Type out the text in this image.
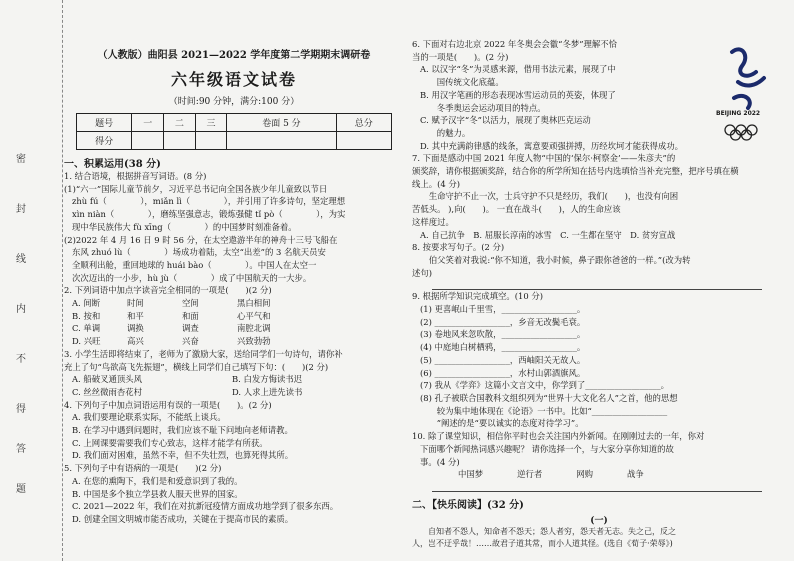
密
封
线
内
不
得
答
题
（人教版）曲阳县 2021—2022 学年度第二学期期末调研卷
六年级语文试卷
（时间:90 分钟，满分:100 分）
题号	一	二	三	卷面 5 分	总分
得分					
一、积累运用(38 分)
1. 结合语境，根据拼音写词语。(8 分)
(1)“六一”国际儿童节前夕，习近平总书记向全国各族少年儿童致以节日
zhù fú（　　　　），miǎn lì（　　　　），并引用了许多诗句，坚定理想
xìn niàn（　　　　），磨练坚强意志，锻炼强健 tǐ pò（　　　　），为实
现中华民族伟大 fù xīng（　　　　）的中国梦时刻准备着。
(2)2022 年 4 月 16 日 9 时 56 分，在太空遨游半年的神舟十三号飞船在
东风 zhuó lù（　　　　）场成功着陆，太空“出差”的 3 名航天员安
全顺利出舱，重回地球的 huái bào（　　　　）。中国人在太空一
次次迈出的一小步，hù jù（　　　　）成了中国航天的一大步。
2. 下列词语中加点字读音完全相同的一项是(　　)(2 分)
A. 间断	时间	空间	黑白相间
B. 按和	和平	和面	心平气和
C. 单调	调换	调查	南腔北调
D. 兴旺	高兴	兴奋	兴致勃勃
3. 小学生活即将结束了，老师为了激励大家，送给同学们一句诗句，请你补
充上了句“鸟欲高飞先振翅”，横线上同学们自己填写下句：(　　)(2 分)
A. 船破叉通顶头风	B. 白发方悔读书迟
C. 丝丝微雨杏花村	D. 人求上进先读书
4. 下列句子中加点词语运用有误的一项是(　　)。(2 分)
A. 我们要理论联系实际，不能纸上谈兵。
B. 在学习中遇到问题时，我们应该不耻下问地向老师请教。
C. 上网课要需要我们专心致志，这样才能学有所获。
D. 我们面对困难，虽然不幸，但不失壮烈，也算死得其所。
5. 下列句子中有语病的一项是(　　)(2 分)
A. 在您的熏陶下，我们是和爱意识到了我的。
B. 中国是多个独立学县救人服天世界的国家。
C. 2021—2022 年，我们在对抗新冠疫情方面成功地学到了很多东西。
D. 创建全国文明城市能否成功，关键在于提高市民的素质。
BEIJING 2022
6. 下面对右边北京 2022 年冬奥会会徽“冬梦”理解不恰
当的一项是(　　)。(2 分)
A. 以汉字“冬”为灵感来源，借用书法元素，展现了中
　　国传统文化底蕴。
B. 用汉字笔画的形态表现冰雪运动员的英姿，体现了
　　冬季奥运会运动项目的特点。
C. 赋予汉字“冬”以活力，展现了奥林匹克运动
　　的魅力。
D. 其中充满韵律感的线条，寓意要顽强拼搏，历经坎坷才能获得成功。
7. 下面是感动中国 2021 年度人物“中国的‘保尔·柯察金’——朱彦夫”的
颁奖辞，请你根据颁奖辞，结合你的所学所知在括号内选填恰当补充完整，把序号填在横
线上。(4 分)
　　生命守护不止一次，士兵守护不只是经历，我们(　　)，也没有向困
苦低头。 ),向(　　)。 一直在战斗(　　)，人的生命应该
这样度过。
A. 自己抗争　B. 屈服长淳南的冰雪　C. 一生都在坚守　D. 贫穷宣战
8. 按要求写句子。(2 分)
　　伯父笑着对我说:“你不知道，我小时候，鼻子跟你爸爸的一样。”(改为转
述句)
9. 根据所学知识完成填空。(10 分)
(1) 更喜岷山千里雪，__________________。
(2) __________________，乡音无改鬓毛衰。
(3) 卷地风来忽吹散，__________________。
(4) 中庭地白树栖鸦，__________________。
(5) __________________，西岫阳关无故人。
(6) __________________，水村山郭酒旗风。
(7) 我从《学弈》这篇小文言文中，你学到了__________________。
(8) 孔子被联合国教科文组织列为“世界十大文化名人”之首，他的思想
　　较为集中地体现在《论语》一书中。比如“__________________
　　”阐述的是“要以诚实的态度对待学习”。
10. 除了课堂知识，相信你平时也会关注国内外新闻。在刚刚过去的一年，你对
下面哪个新闻热词感兴趣呢？ 请你选择一个，与大家分享你知道的故
事。(4 分)
中国梦	逆行者	网购	战争
二、【快乐阅读】(32 分)
(一)
　　自知者不怨人，知命者不怨天；怨人者穷，怨天者无志。失之己，反之
人，岂不迂乎哉！……故君子道其常，而小人道其怪。(选自《荀子·荣辱》)
